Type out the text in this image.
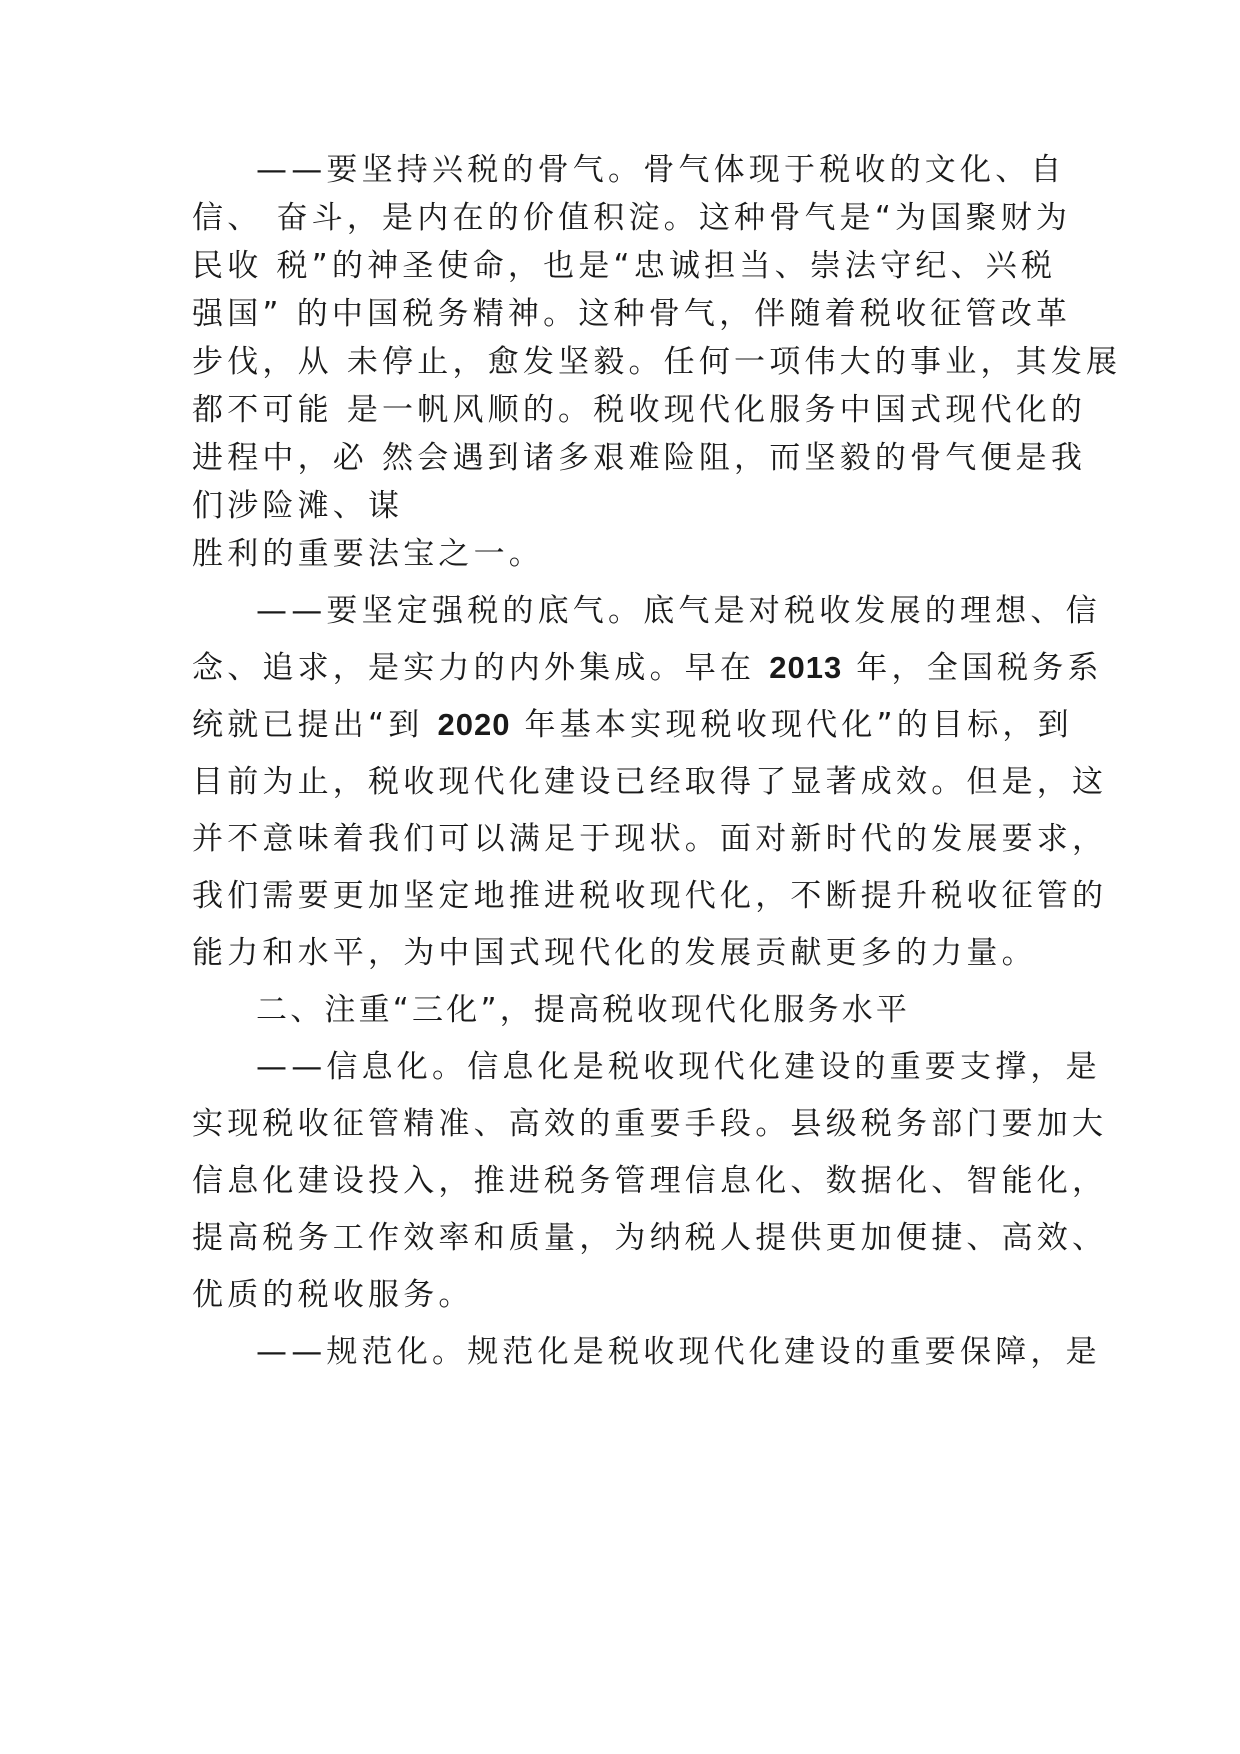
——要坚持兴税的骨气。骨气体现于税收的文化、自
信、 奋斗，是内在的价值积淀。这种骨气是“为国聚财为
民收 税”的神圣使命，也是“忠诚担当、崇法守纪、兴税
强国” 的中国税务精神。这种骨气，伴随着税收征管改革
步伐，从 未停止，愈发坚毅。任何一项伟大的事业，其发展
都不可能 是一帆风顺的。税收现代化服务中国式现代化的
进程中，必 然会遇到诸多艰难险阻，而坚毅的骨气便是我
们涉险滩、谋
胜利的重要法宝之一。
——要坚定强税的底气。底气是对税收发展的理想、信
念、追求，是实力的内外集成。早在 2013 年，全国税务系
统就已提出“到 2020 年基本实现税收现代化”的目标，到
目前为止，税收现代化建设已经取得了显著成效。但是，这
并不意味着我们可以满足于现状。面对新时代的发展要求，
我们需要更加坚定地推进税收现代化，不断提升税收征管的
能力和水平，为中国式现代化的发展贡献更多的力量。
二、注重“三化”，提高税收现代化服务水平
——信息化。信息化是税收现代化建设的重要支撑，是
实现税收征管精准、高效的重要手段。县级税务部门要加大
信息化建设投入，推进税务管理信息化、数据化、智能化，
提高税务工作效率和质量，为纳税人提供更加便捷、高效、
优质的税收服务。
——规范化。规范化是税收现代化建设的重要保障，是
